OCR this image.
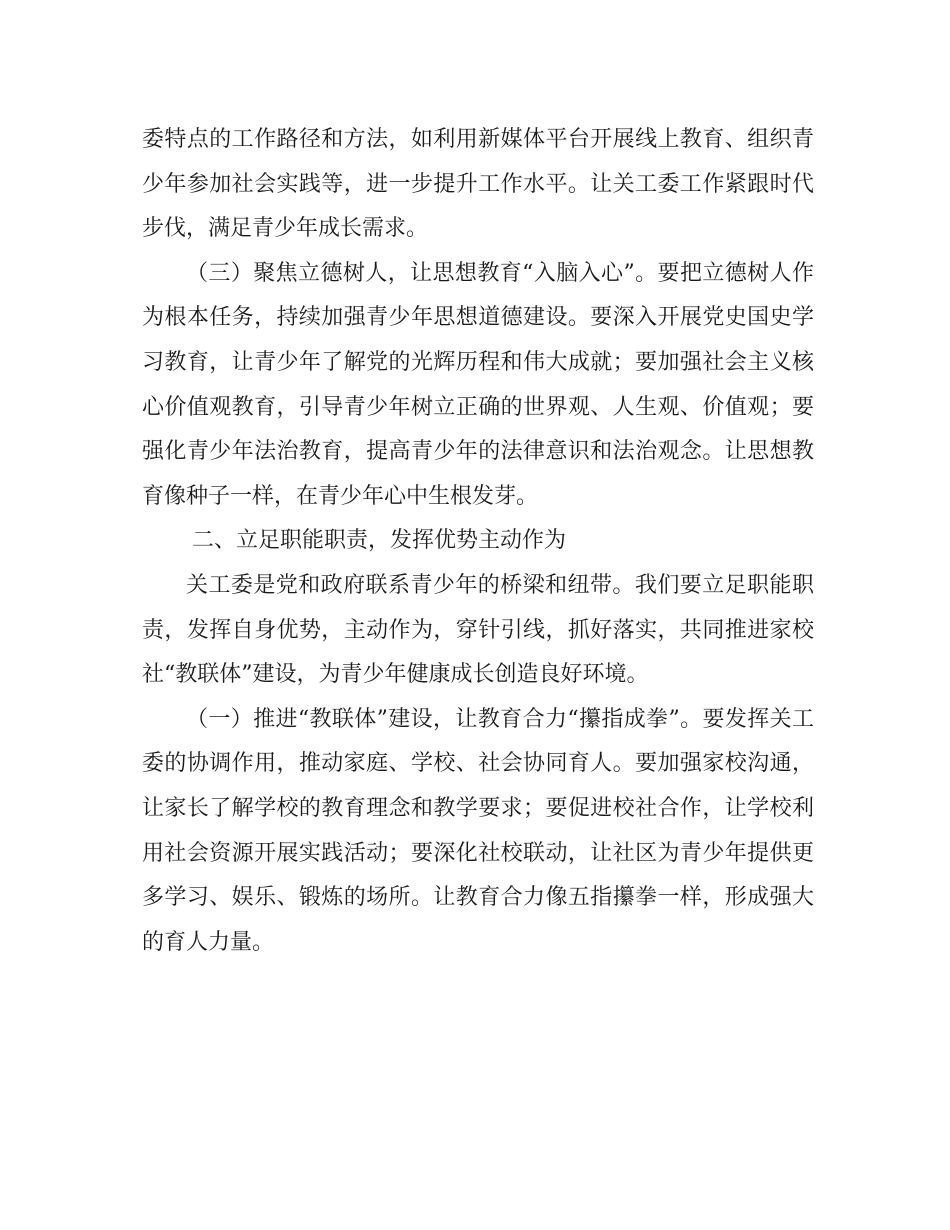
委特点的工作路径和方法，如利用新媒体平台开展线上教育、组织青少年参加社会实践等，进一步提升工作水平。让关工委工作紧跟时代步伐，满足青少年成长需求。

（三）聚焦立德树人，让思想教育“入脑入心”。要把立德树人作为根本任务，持续加强青少年思想道德建设。要深入开展党史国史学习教育，让青少年了解党的光辉历程和伟大成就；要加强社会主义核心价值观教育，引导青少年树立正确的世界观、人生观、价值观；要强化青少年法治教育，提高青少年的法律意识和法治观念。让思想教育像种子一样，在青少年心中生根发芽。

二、立足职能职责，发挥优势主动作为

关工委是党和政府联系青少年的桥梁和纽带。我们要立足职能职责，发挥自身优势，主动作为，穿针引线，抓好落实，共同推进家校社“教联体”建设，为青少年健康成长创造良好环境。

（一）推进“教联体”建设，让教育合力“攥指成拳”。要发挥关工委的协调作用，推动家庭、学校、社会协同育人。要加强家校沟通，让家长了解学校的教育理念和教学要求；要促进校社合作，让学校利用社会资源开展实践活动；要深化社校联动，让社区为青少年提供更多学习、娱乐、锻炼的场所。让教育合力像五指攥拳一样，形成强大的育人力量。
